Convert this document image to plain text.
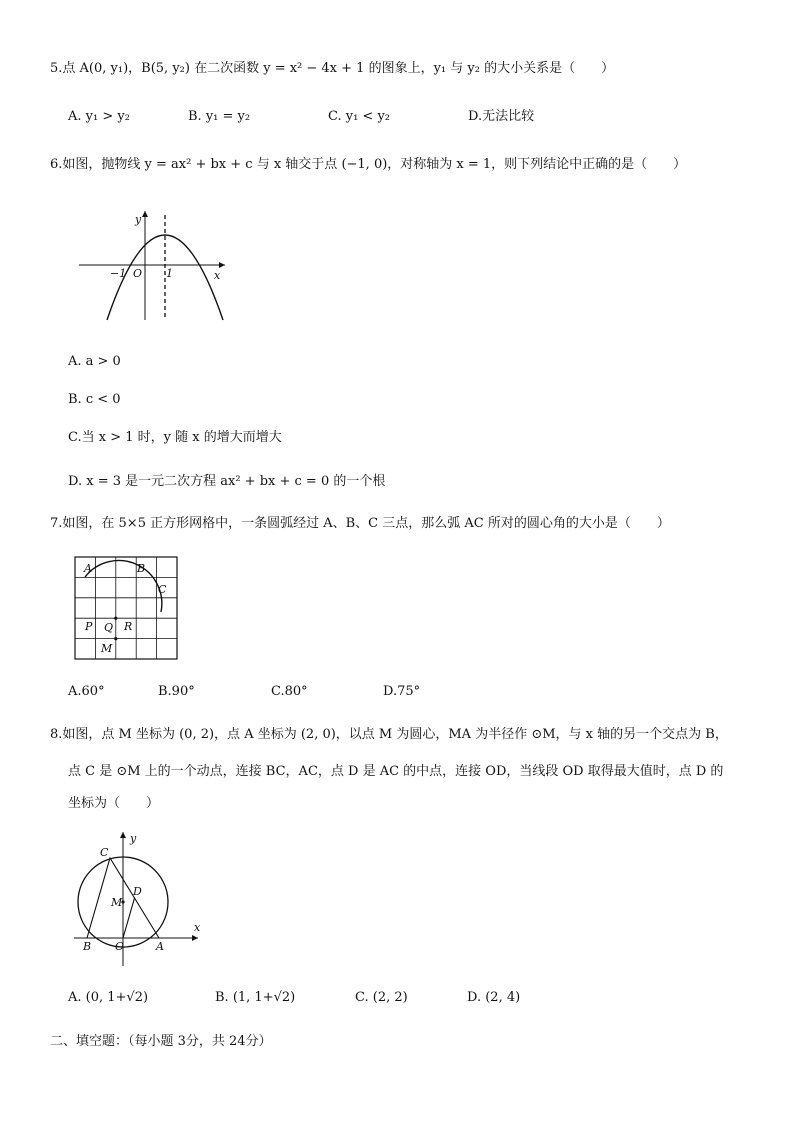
5.点 A(0, y₁)，B(5, y₂) 在二次函数 y = x² − 4x + 1 的图象上，y₁ 与 y₂ 的大小关系是（　　）
A. y₁ > y₂	B. y₁ = y₂	C. y₁ < y₂	D.无法比较
6.如图，抛物线 y = ax² + bx + c 与 x 轴交于点 (−1, 0)，对称轴为 x = 1，则下列结论中正确的是（　　）
y
x
−1 O 1
A. a > 0
B. c < 0
C.当 x > 1 时，y 随 x 的增大而增大
D. x = 3 是一元二次方程 ax² + bx + c = 0 的一个根
7.如图，在 5×5 正方形网格中，一条圆弧经过 A、B、C 三点，那么弧 AC 所对的圆心角的大小是（　　）
A	B
C
P Q R
M
A.60°	B.90°	C.80°	D.75°
8.如图，点 M 坐标为 (0, 2)，点 A 坐标为 (2, 0)，以点 M 为圆心，MA 为半径作 ⊙M，与 x 轴的另一个交点为 B，
点 C 是 ⊙M 上的一个动点，连接 BC，AC，点 D 是 AC 的中点，连接 OD，当线段 OD 取得最大值时，点 D 的
坐标为（　　）
y
x
C
D
M
B O	A
A. (0, 1+√2)	B. (1, 1+√2)	C. (2, 2)	D. (2, 4)
二、填空题：（每小题 3分，共 24分）
